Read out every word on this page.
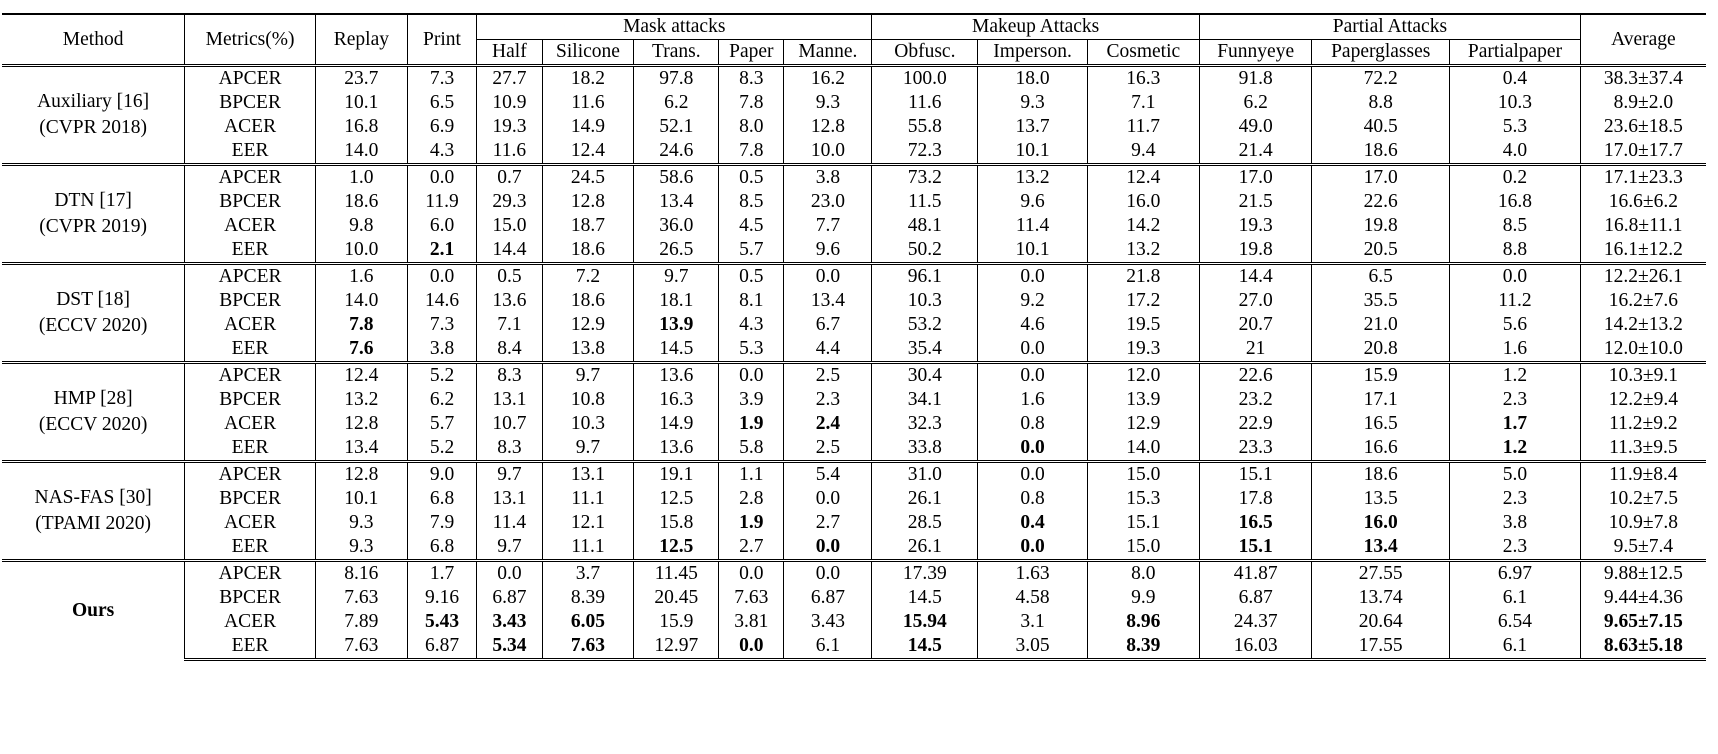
Method	Metrics(%)	Replay	Print	Mask attacks					Makeup Attacks			Partial Attacks			Average
				Half	Silicone	Trans.	Paper	Manne.	Obfusc.	Imperson.	Cosmetic	Funnyeye	Paperglasses	Partialpaper	

Auxiliary [16]
(CVPR 2018)	APCER	23.7	7.3	27.7	18.2	97.8	8.3	16.2	100.0	18.0	16.3	91.8	72.2	0.4	38.3±37.4
	BPCER	10.1	6.5	10.9	11.6	6.2	7.8	9.3	11.6	9.3	7.1	6.2	8.8	10.3	8.9±2.0
	ACER	16.8	6.9	19.3	14.9	52.1	8.0	12.8	55.8	13.7	11.7	49.0	40.5	5.3	23.6±18.5
	EER	14.0	4.3	11.6	12.4	24.6	7.8	10.0	72.3	10.1	9.4	21.4	18.6	4.0	17.0±17.7

DTN [17]
(CVPR 2019)	APCER	1.0	0.0	0.7	24.5	58.6	0.5	3.8	73.2	13.2	12.4	17.0	17.0	0.2	17.1±23.3
	BPCER	18.6	11.9	29.3	12.8	13.4	8.5	23.0	11.5	9.6	16.0	21.5	22.6	16.8	16.6±6.2
	ACER	9.8	6.0	15.0	18.7	36.0	4.5	7.7	48.1	11.4	14.2	19.3	19.8	8.5	16.8±11.1
	EER	10.0	2.1	14.4	18.6	26.5	5.7	9.6	50.2	10.1	13.2	19.8	20.5	8.8	16.1±12.2

DST [18]
(ECCV 2020)	APCER	1.6	0.0	0.5	7.2	9.7	0.5	0.0	96.1	0.0	21.8	14.4	6.5	0.0	12.2±26.1
	BPCER	14.0	14.6	13.6	18.6	18.1	8.1	13.4	10.3	9.2	17.2	27.0	35.5	11.2	16.2±7.6
	ACER	7.8	7.3	7.1	12.9	13.9	4.3	6.7	53.2	4.6	19.5	20.7	21.0	5.6	14.2±13.2
	EER	7.6	3.8	8.4	13.8	14.5	5.3	4.4	35.4	0.0	19.3	21	20.8	1.6	12.0±10.0

HMP [28]
(ECCV 2020)	APCER	12.4	5.2	8.3	9.7	13.6	0.0	2.5	30.4	0.0	12.0	22.6	15.9	1.2	10.3±9.1
	BPCER	13.2	6.2	13.1	10.8	16.3	3.9	2.3	34.1	1.6	13.9	23.2	17.1	2.3	12.2±9.4
	ACER	12.8	5.7	10.7	10.3	14.9	1.9	2.4	32.3	0.8	12.9	22.9	16.5	1.7	11.2±9.2
	EER	13.4	5.2	8.3	9.7	13.6	5.8	2.5	33.8	0.0	14.0	23.3	16.6	1.2	11.3±9.5

NAS-FAS [30]
(TPAMI 2020)	APCER	12.8	9.0	9.7	13.1	19.1	1.1	5.4	31.0	0.0	15.0	15.1	18.6	5.0	11.9±8.4
	BPCER	10.1	6.8	13.1	11.1	12.5	2.8	0.0	26.1	0.8	15.3	17.8	13.5	2.3	10.2±7.5
	ACER	9.3	7.9	11.4	12.1	15.8	1.9	2.7	28.5	0.4	15.1	16.5	16.0	3.8	10.9±7.8
	EER	9.3	6.8	9.7	11.1	12.5	2.7	0.0	26.1	0.0	15.0	15.1	13.4	2.3	9.5±7.4

Ours	APCER	8.16	1.7	0.0	3.7	11.45	0.0	0.0	17.39	1.63	8.0	41.87	27.55	6.97	9.88±12.5
	BPCER	7.63	9.16	6.87	8.39	20.45	7.63	6.87	14.5	4.58	9.9	6.87	13.74	6.1	9.44±4.36
	ACER	7.89	5.43	3.43	6.05	15.9	3.81	3.43	15.94	3.1	8.96	24.37	20.64	6.54	9.65±7.15
	EER	7.63	6.87	5.34	7.63	12.97	0.0	6.1	14.5	3.05	8.39	16.03	17.55	6.1	8.63±5.18
